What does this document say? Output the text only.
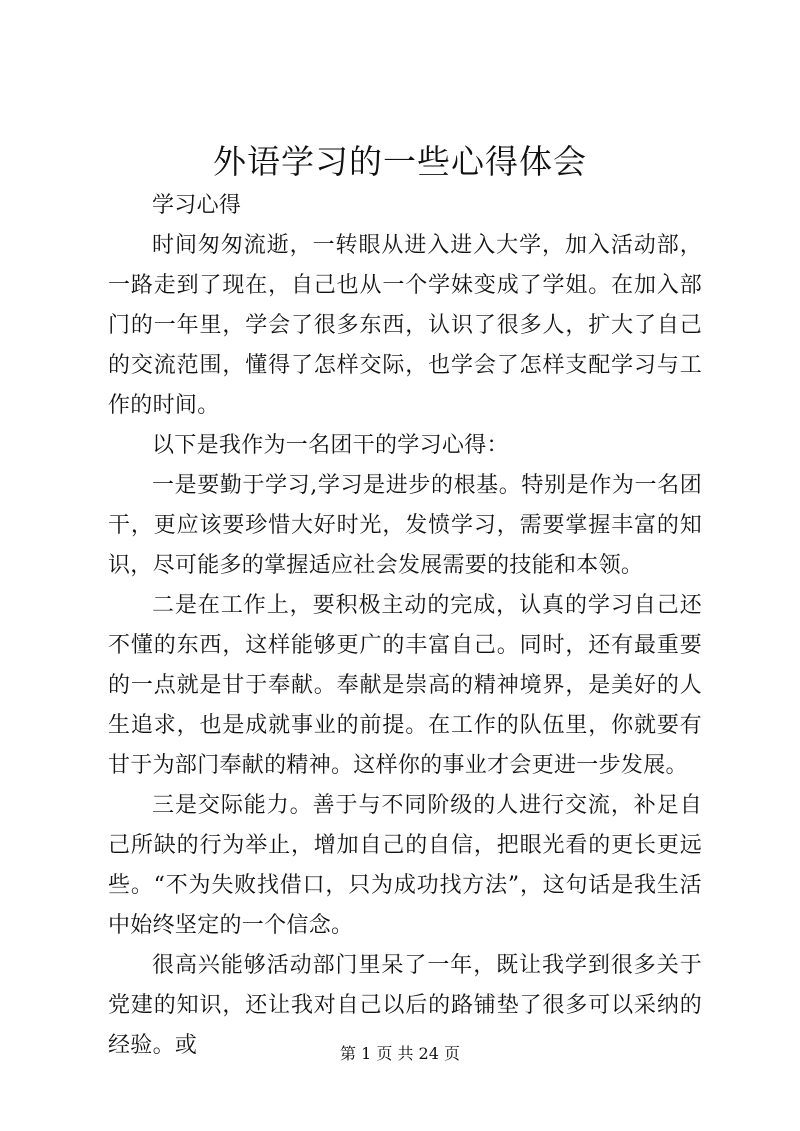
外语学习的一些心得体会

学习心得

时间匆匆流逝，一转眼从进入进入大学，加入活动部，一路走到了现在，自己也从一个学妹变成了学姐。在加入部门的一年里，学会了很多东西，认识了很多人，扩大了自己的交流范围，懂得了怎样交际，也学会了怎样支配学习与工作的时间。

以下是我作为一名团干的学习心得：

一是要勤于学习,学习是进步的根基。特别是作为一名团干，更应该要珍惜大好时光，发愤学习，需要掌握丰富的知识，尽可能多的掌握适应社会发展需要的技能和本领。

二是在工作上，要积极主动的完成，认真的学习自己还不懂的东西，这样能够更广的丰富自己。同时，还有最重要的一点就是甘于奉献。奉献是崇高的精神境界，是美好的人生追求，也是成就事业的前提。在工作的队伍里，你就要有甘于为部门奉献的精神。这样你的事业才会更进一步发展。

三是交际能力。善于与不同阶级的人进行交流，补足自己所缺的行为举止，增加自己的自信，把眼光看的更长更远些。“不为失败找借口，只为成功找方法”，这句话是我生活中始终坚定的一个信念。

很高兴能够活动部门里呆了一年，既让我学到很多关于党建的知识，还让我对自己以后的路铺垫了很多可以采纳的经验。或	第 1 页 共 24 页
